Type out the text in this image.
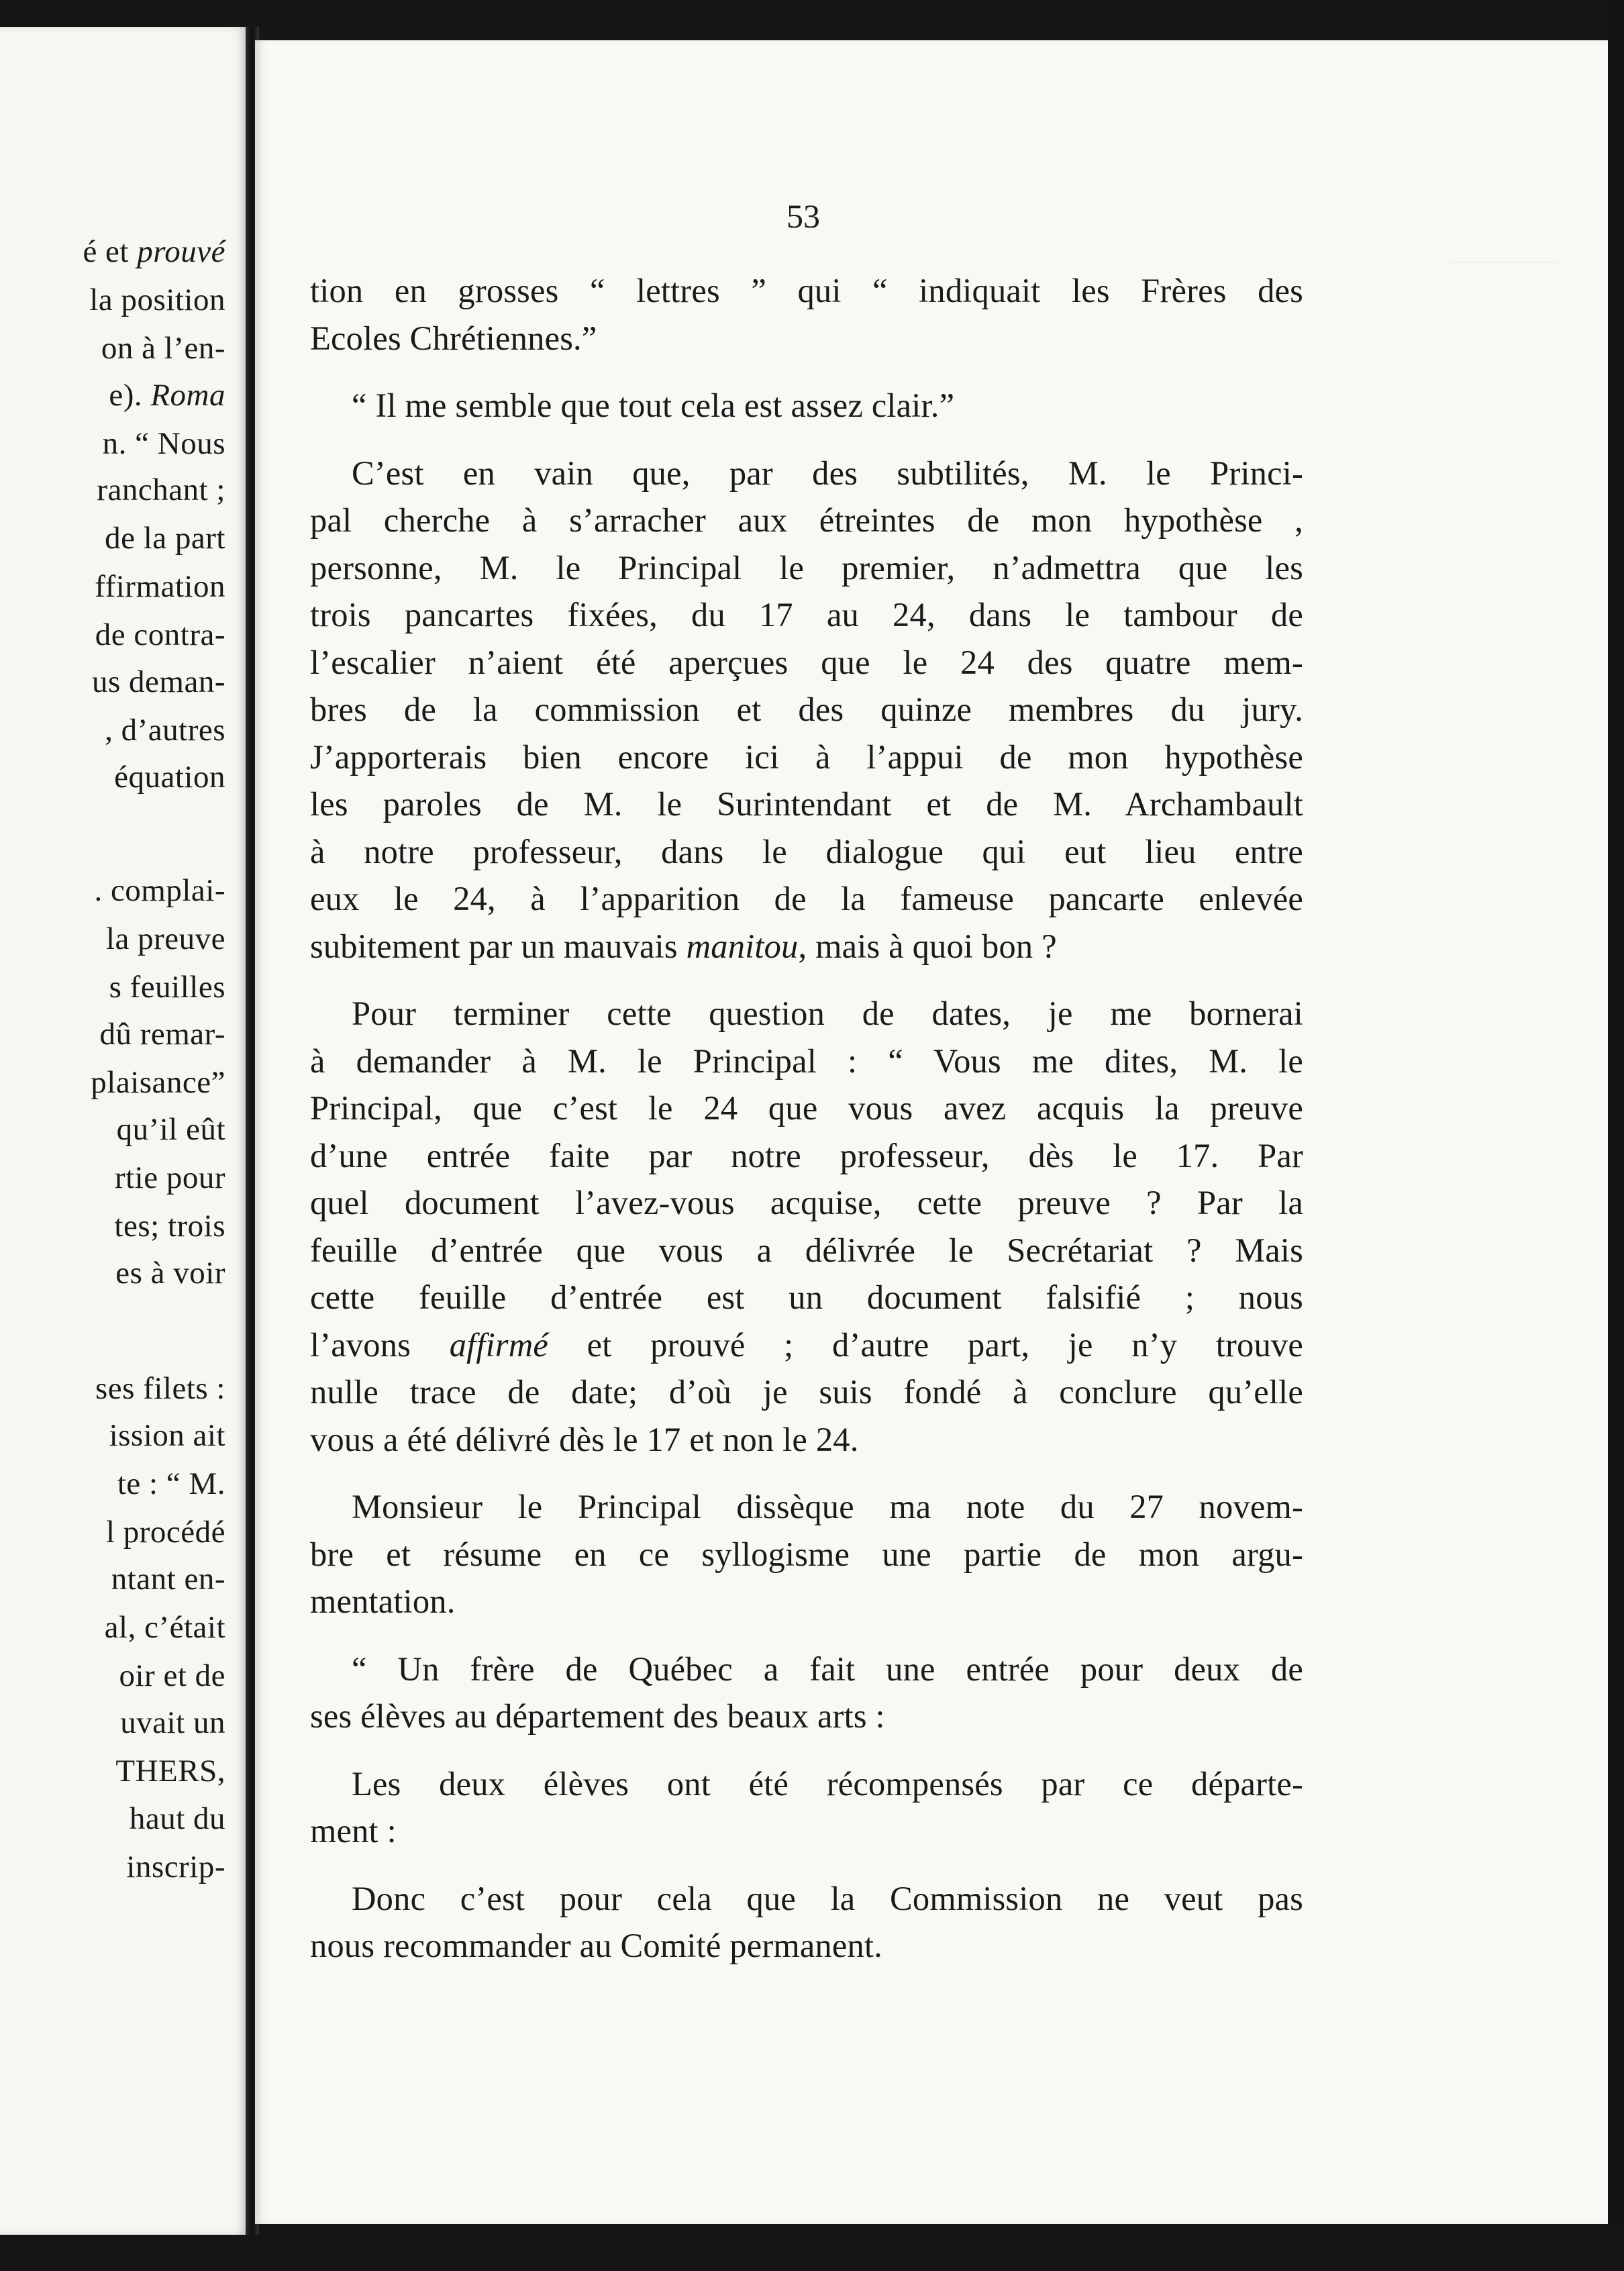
é et prouvé
la position
on à l’en-
e). Roma
n. “ Nous
ranchant ;
de la part
ffirmation
de contra-
us deman-
, d’autres
équation
. complai-
la preuve
s feuilles
dû remar-
plaisance”
qu’il eût
rtie pour
tes; trois
es à voir
ses filets :
ission ait
te : “ M.
l procédé
ntant en-
al, c’était
oir et de
uvait un
THERS,
haut du
inscrip-
53
tion en grosses “ lettres ” qui “ indiquait les Frères des
Ecoles Chrétiennes.”
“ Il me semble que tout cela est assez clair.”
C’est en vain que, par des subtilités, M. le Princi-
pal cherche à s’arracher aux étreintes de mon hypothèse ,
personne, M. le Principal le premier, n’admettra que les
trois pancartes fixées, du 17 au 24, dans le tambour de
l’escalier n’aient été aperçues que le 24 des quatre mem-
bres de la commission et des quinze membres du jury.
J’apporterais bien encore ici à l’appui de mon hypothèse
les paroles de M. le Surintendant et de M. Archambault
à notre professeur, dans le dialogue qui eut lieu entre
eux le 24, à l’apparition de la fameuse pancarte enlevée
subitement par un mauvais manitou, mais à quoi bon ?
Pour terminer cette question de dates, je me bornerai
à demander à M. le Principal : “ Vous me dites, M. le
Principal, que c’est le 24 que vous avez acquis la preuve
d’une entrée faite par notre professeur, dès le 17. Par
quel document l’avez-vous acquise, cette preuve ? Par la
feuille d’entrée que vous a délivrée le Secrétariat ? Mais
cette feuille d’entrée est un document falsifié ; nous
l’avons affirmé et prouvé ; d’autre part, je n’y trouve
nulle trace de date; d’où je suis fondé à conclure qu’elle
vous a été délivré dès le 17 et non le 24.
Monsieur le Principal dissèque ma note du 27 novem-
bre et résume en ce syllogisme une partie de mon argu-
mentation.
“ Un frère de Québec a fait une entrée pour deux de
ses élèves au département des beaux arts :
Les deux élèves ont été récompensés par ce départe-
ment :
Donc c’est pour cela que la Commission ne veut pas
nous recommander au Comité permanent.
